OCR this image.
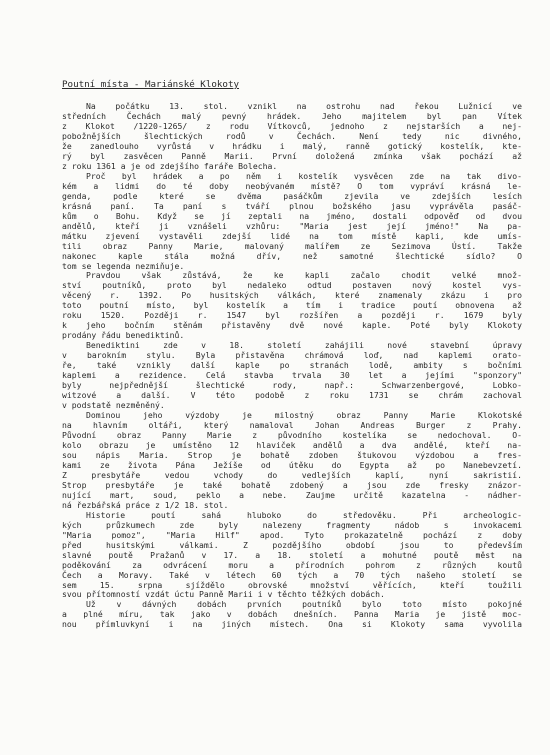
Poutní místa - Mariánské Klokoty
Na počátku 13. stol. vznikl na ostrohu nad řekou Lužnicí ve
středních Čechách malý pevný hrádek. Jeho majitelem byl pan Vítek
z Klokot /1220-1265/ z rodu Vítkovců, jednoho z nejstarších a nej-
pobožnějších šlechtických rodů v Čechách. Není tedy nic divného,
že zanedlouho vyrůstá v hrádku i malý, ranně gotický kostelík, kte-
rý byl zasvěcen Panně Marii. První doložená zmínka však pochází až
z roku 1361 a je od zdejšího faráře Bolecha.
Proč byl hrádek a po něm i kostelík vysvěcen zde na tak divo-
kém a lidmi do té doby neobývaném místě? O tom vypráví krásná le-
genda, podle které se dvěma pasáčkům zjevila ve zdejších lesích
krásná paní. Ta paní s tváří plnou božského jasu vyprávěla pasáč-
kům o Bohu. Když se jí zeptali na jméno, dostali odpověď od dvou
andělů, kteří ji vznášeli vzhůru: "Maria jest její jméno!" Na pa-
mátku zjevení vystavěli zdejší lidé na tom místě kapli, kde umís-
tili obraz Panny Marie, malovaný malířem ze Sezimova Ústí. Takže
nakonec kaple stála možná dřív, než samotné šlechtické sídlo? O
tom se legenda nezmiňuje.
Pravdou však zůstává, že ke kapli začalo chodit velké množ-
ství poutníků, proto byl nedaleko odtud postaven nový kostel vys-
věcený r. 1392. Po husitských válkách, které znamenaly zkázu i pro
toto poutní místo, byl kostelík a tím i tradice poutí obnovena až
roku 1520. Později r. 1547 byl rozšířen a později r. 1679 byly
k jeho bočním stěnám přistavěny dvě nové kaple. Poté byly Klokoty
prodány řádu benediktinů.
Benediktini zde v 18. století zahájili nové stavební úpravy
v barokním stylu. Byla přistavěna chrámová loď, nad kaplemi orato-
ře, také vznikly další kaple po stranách lodě, ambity s bočními
kaplemi a rezidence. Celá stavba trvala 30 let a jejími "sponzory"
byly nejpřednější šlechtické rody, např.: Schwarzenbergové, Lobko-
witzové a další. V této podobě z roku 1731 se chrám zachoval
v podstatě nezměněný.
Dominou jeho výzdoby je milostný obraz Panny Marie Klokotské
na hlavním oltáři, který namaloval Johan Andreas Burger z Prahy.
Původní obraz Panny Marie z původního kostelíka se nedochoval. O-
kolo obrazu je umístěno 12 hlaviček andělů a dva andělé, kteří na-
sou nápis Maria. Strop je bohatě zdoben štukovou výzdobou a fres-
kami ze života Pána Ježíše od útěku do Egypta až po Nanebevzetí.
Z presbytáře vedou vchody do vedlejších kaplí, nyní sakristií.
Strop presbytáře je také bohatě zdobený a jsou zde fresky znázor-
nující mart, soud, peklo a nebe. Zaujme určitě kazatelna - nádher-
ná řezbářská práce z 1/2 18. stol.
Historie poutí sahá hluboko do středověku. Při archeologic-
kých průzkumech zde byly nalezeny fragmenty nádob s invokacemi
"Maria pomoz", "Maria Hilf" apod. Tyto prokazatelně pochází z doby
před husitskými válkami. Z pozdějšího období jsou to především
slavné poutě Pražanů v 17. a 18. století a mohutné poutě měst na
poděkování za odvrácení moru a přírodních pohrom z různých koutů
Čech a Moravy. Také v létech 60 tých a 70 tých našeho století se
sem 15. srpna sjíždělo obrovské množství věřících, kteří toužili
svou přítomností vzdát úctu Panně Marii i v těchto těžkých dobách.
Už v dávných dobách prvních poutníků bylo toto místo pokojné
a plné míru, tak jako v dobách dnešních. Panna Maria je jistě moc-
nou přímluvkyní i na jiných místech. Ona si Klokoty sama vyvolila
